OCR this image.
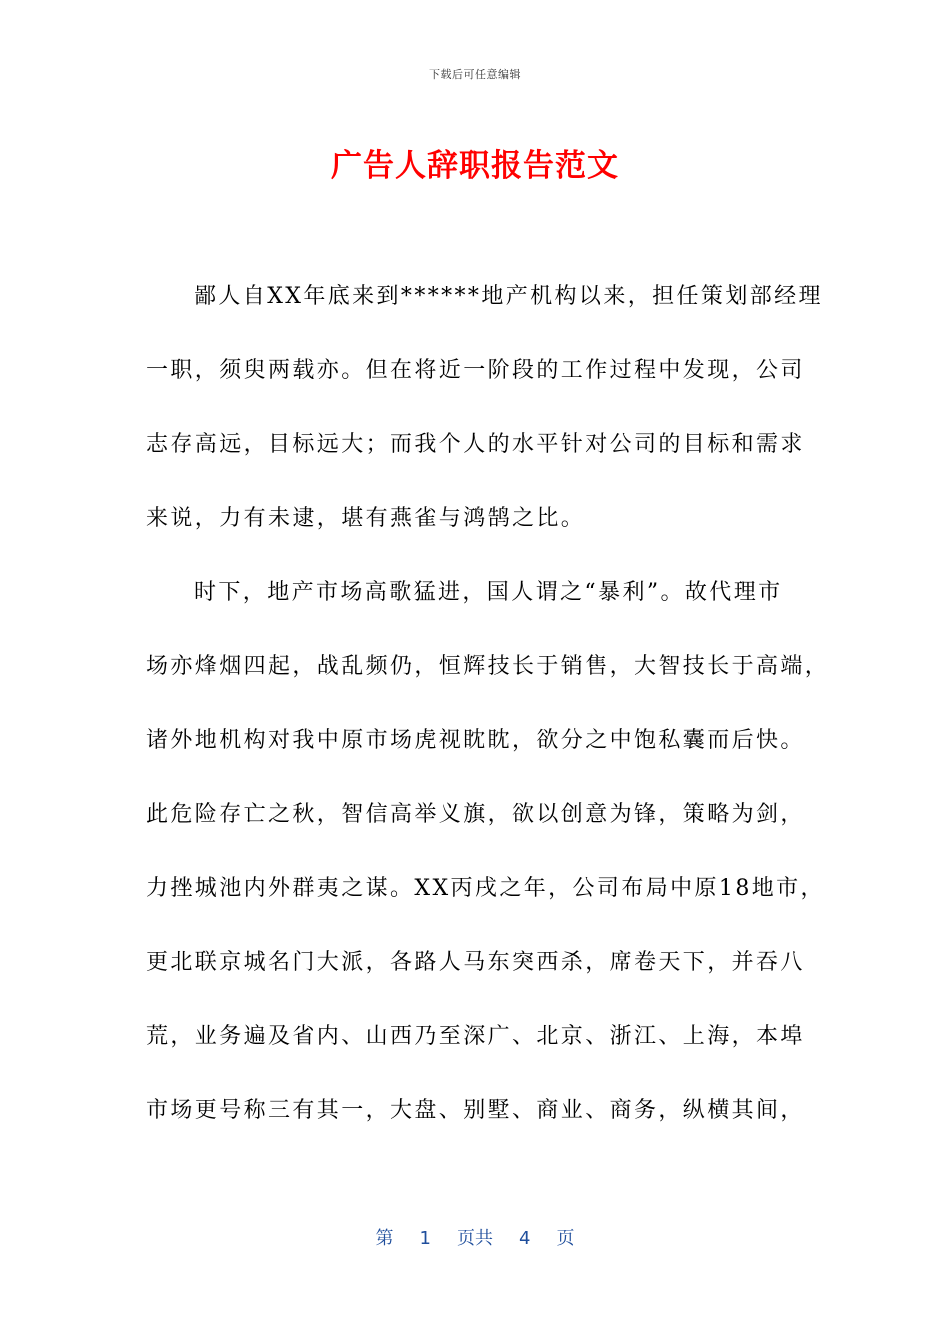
下载后可任意编辑
广告人辞职报告范文
鄙人自XX年底来到******地产机构以来，担任策划部经理
一职，须臾两载亦。但在将近一阶段的工作过程中发现，公司
志存高远，目标远大；而我个人的水平针对公司的目标和需求
来说，力有未逮，堪有燕雀与鸿鹄之比。
时下，地产市场高歌猛进，国人谓之“暴利”。故代理市
场亦烽烟四起，战乱频仍，恒辉技长于销售，大智技长于高端，
诸外地机构对我中原市场虎视眈眈，欲分之中饱私囊而后快。
此危险存亡之秋，智信高举义旗，欲以创意为锋，策略为剑，
力挫城池内外群夷之谋。XX丙戌之年，公司布局中原18地市，
更北联京城名门大派，各路人马东突西杀，席卷天下，并吞八
荒，业务遍及省内、山西乃至深广、北京、浙江、上海，本埠
市场更号称三有其一，大盘、别墅、商业、商务，纵横其间，
第 1 页共 4 页
